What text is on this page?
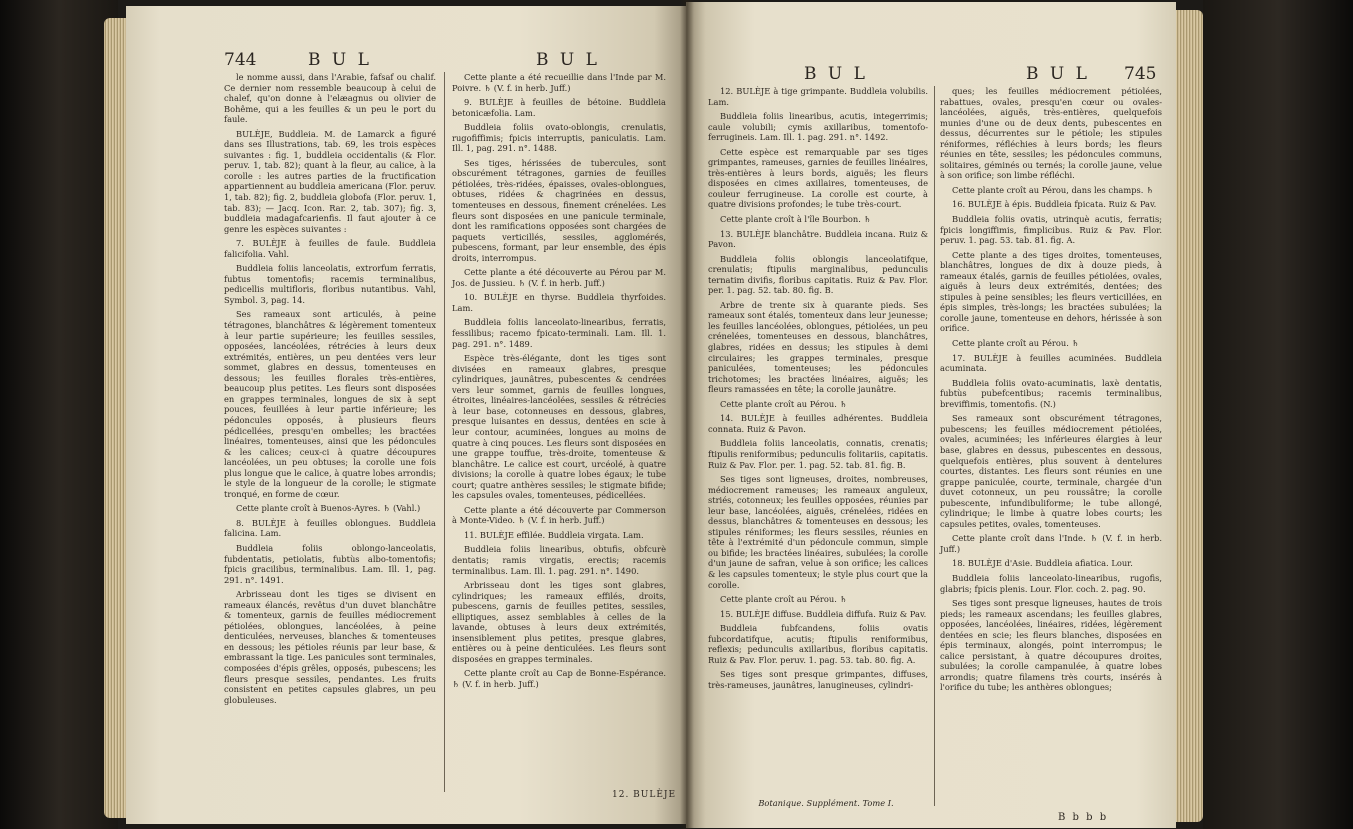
744	B U L	B U L

le nomme aussi, dans l'Arabie, fafsaf ou chalif. Ce dernier nom ressemble beaucoup à celui de chalef, qu'on donne à l'elæagnus ou olivier de Bohême, qui a les feuilles & un peu le port du faule.

BULÈJE, Buddleia. M. de Lamarck a figuré dans ses Illustrations, tab. 69, les trois espèces suivantes : fig. 1, buddleia occidentalis (& Flor. peruv. 1, tab. 82); quant à la fleur, au calice, à la corolle : les autres parties de la fructification appartiennent au buddleia americana (Flor. peruv. 1, tab. 82); fig. 2, buddleia globofa (Flor. peruv. 1, tab. 83); — Jacq. Icon. Rar. 2, tab. 307); fig. 3, buddleia madagafcarienfis. Il faut ajouter à ce genre les espèces suivantes :

7. BULÈJE à feuilles de faule. Buddleia falicifolia. Vahl.

Buddleia foliis lanceolatis, extrorfum ferratis, fubtus tomentofis; racemis terminalibus, pedicellis multifloris, floribus nutantibus. Vahl, Symbol. 3, pag. 14.

Ses rameaux sont articulés, à peine tétragones, blanchâtres & légèrement tomenteux à leur partie supérieure; les feuilles sessiles, opposées, lancéolées, rétrécies à leurs deux extrémités, entières, un peu dentées vers leur sommet, glabres en dessus, tomenteuses en dessous; les feuilles florales très-entières, beaucoup plus petites. Les fleurs sont disposées en grappes terminales, longues de six à sept pouces, feuillées à leur partie inférieure; les pédoncules opposés, à plusieurs fleurs pédicellées, presqu'en ombelles; les bractées linéaires, tomenteuses, ainsi que les pédoncules & les calices; ceux-ci à quatre découpures lancéolées, un peu obtuses; la corolle une fois plus longue que le calice, à quatre lobes arrondis; le style de la longueur de la corolle; le stigmate tronqué, en forme de cœur.

Cette plante croît à Buenos-Ayres. ♄ (Vahl.)

8. BULÈJE à feuilles oblongues. Buddleia falicina. Lam.

Buddleia foliis oblongo-lanceolatis, fubdentatis, petiolatis, fubtùs albo-tomentofis; fpicis gracilibus, terminalibus. Lam. Ill. 1, pag. 291. n°. 1491.

Arbrisseau dont les tiges se divisent en rameaux élancés, revêtus d'un duvet blanchâtre & tomenteux, garnis de feuilles médiocrement pétiolées, oblongues, lancéolées, à peine denticulées, nerveuses, blanches & tomenteuses en dessous; les pétioles réunis par leur base, & embrassant la tige. Les panicules sont terminales, composées d'épis grêles, opposés, pubescens; les fleurs presque sessiles, pendantes. Les fruits consistent en petites capsules glabres, un peu globuleuses.

Cette plante a été recueillie dans l'Inde par M. Poivre. ♄ (V. f. in herb. Juff.)

9. BULÈJE à feuilles de bétoine. Buddleia betonicæfolia. Lam.

Buddleia foliis ovato-oblongis, crenulatis, rugofiffimis; fpicis interruptis, paniculatis. Lam. Ill. 1, pag. 291. n°. 1488.

Ses tiges, hérissées de tubercules, sont obscurément tétragones, garnies de feuilles pétiolées, très-ridées, épaisses, ovales-oblongues, obtuses, ridées & chagrinées en dessus, tomenteuses en dessous, finement crénelées. Les fleurs sont disposées en une panicule terminale, dont les ramifications opposées sont chargées de paquets verticillés, sessiles, agglomérés, pubescens, formant, par leur ensemble, des épis droits, interrompus.

Cette plante a été découverte au Pérou par M. Jos. de Jussieu. ♄ (V. f. in herb. Juff.)

10. BULÈJE en thyrse. Buddleia thyrfoides. Lam.

Buddleia foliis lanceolato-linearibus, ferratis, fessilibus; racemo fpicato-terminali. Lam. Ill. 1. pag. 291. n°. 1489.

Espèce très-élégante, dont les tiges sont divisées en rameaux glabres, presque cylindriques, jaunâtres, pubescentes & cendrées vers leur sommet, garnis de feuilles longues, étroites, linéaires-lancéolées, sessiles & rétrécies à leur base, cotonneuses en dessous, glabres, presque luisantes en dessus, dentées en scie à leur contour, acuminées, longues au moins de quatre à cinq pouces. Les fleurs sont disposées en une grappe touffue, très-droite, tomenteuse & blanchâtre. Le calice est court, urcéolé, à quatre divisions; la corolle à quatre lobes égaux; le tube court; quatre anthères sessiles; le stigmate bifide; les capsules ovales, tomenteuses, pédicellées.

Cette plante a été découverte par Commerson à Monte-Video. ♄ (V. f. in herb. Juff.)

11. BULÈJE effilée. Buddleia virgata. Lam.

Buddleia foliis linearibus, obtufis, obfcurè dentatis; ramis virgatis, erectis; racemis terminalibus. Lam. Ill. 1. pag. 291. n°. 1490.

Arbrisseau dont les tiges sont glabres, cylindriques; les rameaux effilés, droits, pubescens, garnis de feuilles petites, sessiles, elliptiques, assez semblables à celles de la lavande, obtuses à leurs deux extrémités, insensiblement plus petites, presque glabres, entières ou à peine denticulées. Les fleurs sont disposées en grappes terminales.

Cette plante croît au Cap de Bonne-Espérance. ♄ (V. f. in herb. Juff.)

12. BULÈJE
B U L	B U L 745

12. BULÈJE à tige grimpante. Buddleia volubilis. Lam.

Buddleia foliis linearibus, acutis, integerrimis; caule volubili; cymis axillaribus, tomentofo-ferrugineis. Lam. Ill. 1. pag. 291. n°. 1492.

Cette espèce est remarquable par ses tiges grimpantes, rameuses, garnies de feuilles linéaires, très-entières à leurs bords, aiguës; les fleurs disposées en cimes axillaires, tomenteuses, de couleur ferrugineuse. La corolle est courte, à quatre divisions profondes; le tube très-court.

Cette plante croît à l'île Bourbon. ♄

13. BULÈJE blanchâtre. Buddleia incana. Ruiz & Pavon.

Buddleia foliis oblongis lanceolatifque, crenulatis; ftipulis marginalibus, pedunculis ternatim divifis, floribus capitatis. Ruiz & Pav. Flor. per. 1. pag. 52. tab. 80. fig. B.

Arbre de trente six à quarante pieds. Ses rameaux sont étalés, tomenteux dans leur jeunesse; les feuilles lancéolées, oblongues, pétiolées, un peu crénelées, tomenteuses en dessous, blanchâtres, glabres, ridées en dessus; les stipules à demi circulaires; les grappes terminales, presque paniculées, tomenteuses; les pédoncules trichotomes; les bractées linéaires, aiguës; les fleurs ramassées en tête; la corolle jaunâtre.

Cette plante croît au Pérou. ♄

14. BULÈJE à feuilles adhérentes. Buddleia connata. Ruiz & Pavon.

Buddleia foliis lanceolatis, connatis, crenatis; ftipulis reniformibus; pedunculis folitariis, capitatis. Ruiz & Pav. Flor. per. 1. pag. 52. tab. 81. fig. B.

Ses tiges sont ligneuses, droites, nombreuses, médiocrement rameuses; les rameaux anguleux, striés, cotonneux; les feuilles opposées, réunies par leur base, lancéolées, aiguës, crénelées, ridées en dessus, blanchâtres & tomenteuses en dessous; les stipules réniformes; les fleurs sessiles, réunies en tête à l'extrémité d'un pédoncule commun, simple ou bifide; les bractées linéaires, subulées; la corolle d'un jaune de safran, velue à son orifice; les calices & les capsules tomenteux; le style plus court que la corolle.

Cette plante croît au Pérou. ♄

15. BULÈJE diffuse. Buddleia diffufa. Ruiz & Pav.

Buddleia fubfcandens, foliis ovatis fubcordatifque, acutis; ftipulis reniformibus, reflexis; pedunculis axillaribus, floribus capitatis. Ruiz & Pav. Flor. peruv. 1. pag. 53. tab. 80. fig. A.

Ses tiges sont presque grimpantes, diffuses, très-rameuses, jaunâtres, lanugineuses, cylindri-

ques; les feuilles médiocrement pétiolées, rabattues, ovales, presqu'en cœur ou ovales-lancéolées, aiguës, très-entières, quelquefois munies d'une ou de deux dents, pubescentes en dessus, décurrentes sur le pétiole; les stipules réniformes, réfléchies à leurs bords; les fleurs réunies en tête, sessiles; les pédoncules communs, solitaires, géminés ou ternés; la corolle jaune, velue à son orifice; son limbe réfléchi.

Cette plante croît au Pérou, dans les champs. ♄

16. BULÈJE à épis. Buddleia fpicata. Ruiz & Pav.

Buddleia foliis ovatis, utrinquè acutis, ferratis; fpicis longiffimis, fimplicibus. Ruiz & Pav. Flor. peruv. 1. pag. 53. tab. 81. fig. A.

Cette plante a des tiges droites, tomenteuses, blanchâtres, longues de dix à douze pieds, à rameaux étalés, garnis de feuilles pétiolées, ovales, aiguës à leurs deux extrémités, dentées; des stipules à peine sensibles; les fleurs verticillées, en épis simples, très-longs; les bractées subulées; la corolle jaune, tomenteuse en dehors, hérissée à son orifice.

Cette plante croît au Pérou. ♄

17. BULÈJE à feuilles acuminées. Buddleia acuminata.

Buddleia foliis ovato-acuminatis, laxè dentatis, fubtùs pubefcentibus; racemis terminalibus, breviffimis, tomentofis. (N.)

Ses rameaux sont obscurément tétragones, pubescens; les feuilles médiocrement pétiolées, ovales, acuminées; les inférieures élargies à leur base, glabres en dessus, pubescentes en dessous, quelquefois entières, plus souvent à dentelures courtes, distantes. Les fleurs sont réunies en une grappe paniculée, courte, terminale, chargée d'un duvet cotonneux, un peu roussâtre; la corolle pubescente, infundibuliforme; le tube allongé, cylindrique; le limbe à quatre lobes courts; les capsules petites, ovales, tomenteuses.

Cette plante croît dans l'Inde. ♄ (V. f. in herb. Juff.)

18. BULÈJE d'Asie. Buddleia afiatica. Lour.

Buddleia foliis lanceolato-linearibus, rugofis, glabris; fpicis plenis. Lour. Flor. coch. 2. pag. 90.

Ses tiges sont presque ligneuses, hautes de trois pieds; les rameaux ascendans; les feuilles glabres, opposées, lancéolées, linéaires, ridées, légèrement dentées en scie; les fleurs blanches, disposées en épis terminaux, alongés, point interrompus; le calice persistant, à quatre découpures droites, subulées; la corolle campanulée, à quatre lobes arrondis; quatre filamens très courts, insérés à l'orifice du tube; les anthères oblongues;

Botanique. Supplément. Tome I.
B b b b
